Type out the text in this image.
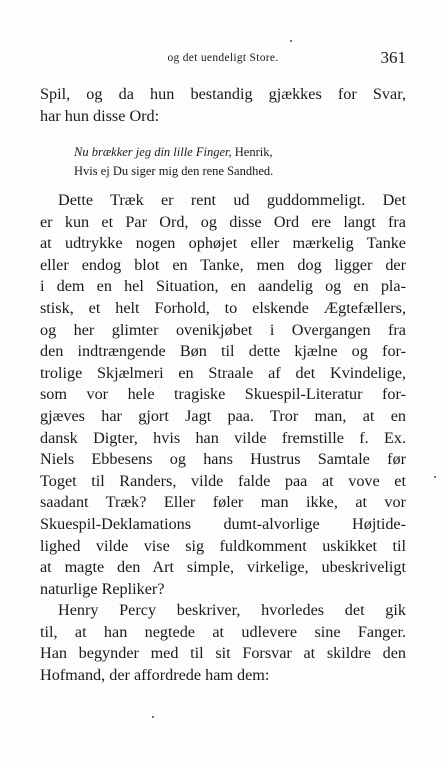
og det uendeligt Store.	361
Spil, og da hun bestandig gjækkes for Svar,
har hun disse Ord:
Nu brækker jeg din lille Finger, Henrik,
Hvis ej Du siger mig den rene Sandhed.
Dette Træk er rent ud guddommeligt. Det
er kun et Par Ord, og disse Ord ere langt fra
at udtrykke nogen ophøjet eller mærkelig Tanke
eller endog blot en Tanke, men dog ligger der
i dem en hel Situation, en aandelig og en pla-
stisk, et helt Forhold, to elskende Ægtefællers,
og her glimter ovenikjøbet i Overgangen fra
den indtrængende Bøn til dette kjælne og for-
trolige Skjælmeri en Straale af det Kvindelige,
som vor hele tragiske Skuespil-Literatur for-
gjæves har gjort Jagt paa. Tror man, at en
dansk Digter, hvis han vilde fremstille f. Ex.
Niels Ebbesens og hans Hustrus Samtale før
Toget til Randers, vilde falde paa at vove et
saadant Træk? Eller føler man ikke, at vor
Skuespil-Deklamations dumt-alvorlige Højtide-
lighed vilde vise sig fuldkomment uskikket til
at magte den Art simple, virkelige, ubeskriveligt
naturlige Repliker?
Henry Percy beskriver, hvorledes det gik
til, at han negtede at udlevere sine Fanger.
Han begynder med til sit Forsvar at skildre den
Hofmand, der affordrede ham dem:
